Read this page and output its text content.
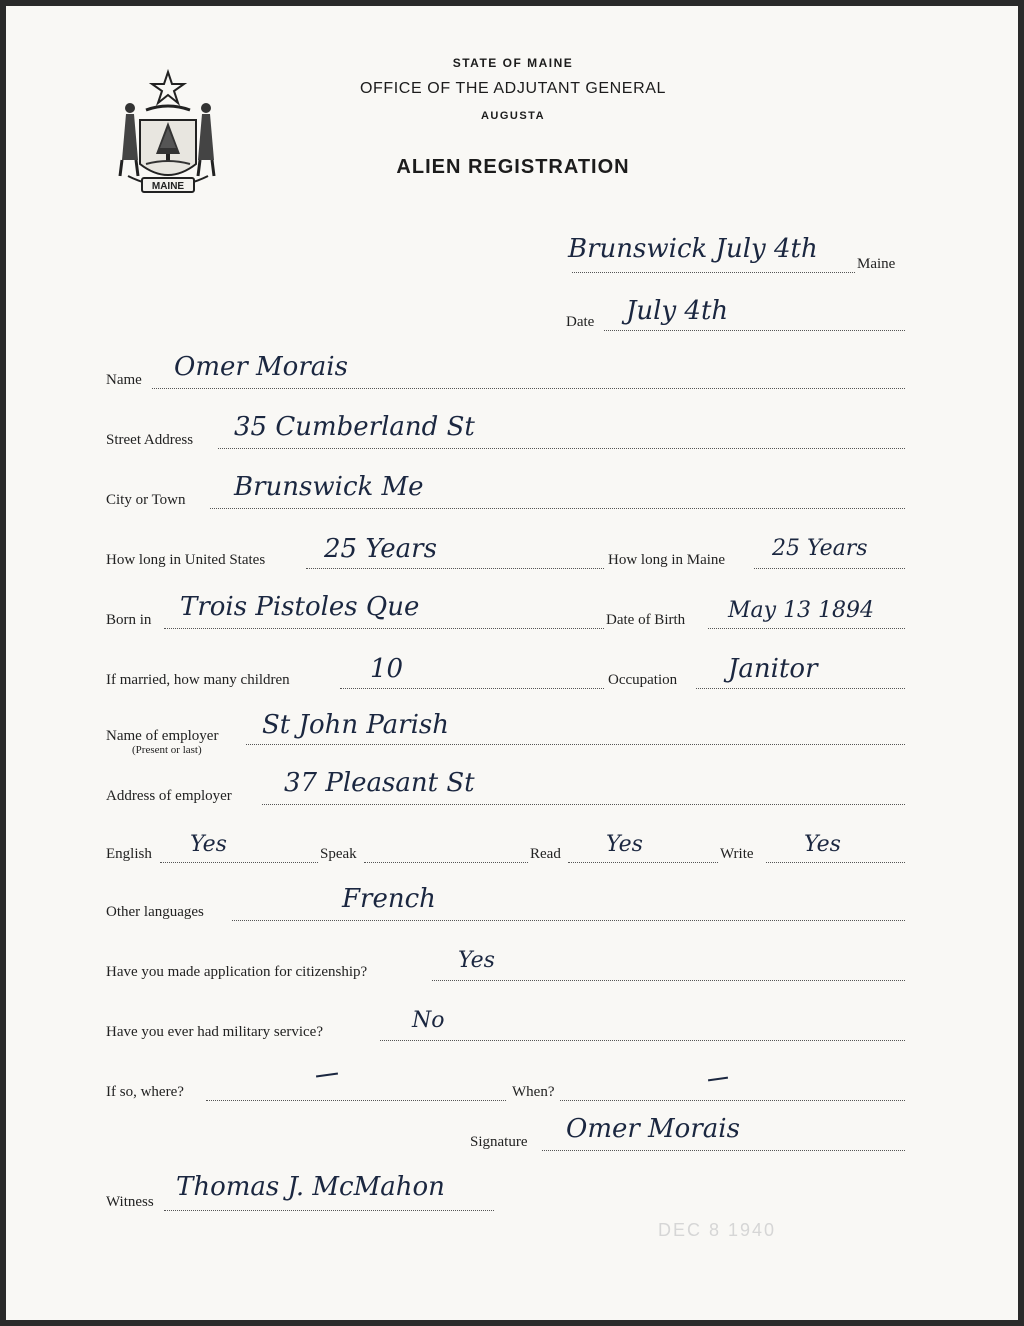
MAINE
STATE OF MAINE
OFFICE OF THE ADJUTANT GENERAL
AUGUSTA
ALIEN REGISTRATION
Brunswick July 4th	Maine
Date July 4th
Name Omer Morais
Street Address 35 Cumberland St
City or Town Brunswick Me
How long in United States 25 Years	How long in Maine 25 Years
Born in Trois Pistoles Que	Date of Birth May 13 1894
If married, how many children	10	Occupation Janitor
Name of employer
(Present or last)
St John Parish
Address of employer 37 Pleasant St
English Yes	Speak	Read Yes	Write Yes
Other languages	French
Have you made application for citizenship?	Yes
Have you ever had military service?	No
If so, where?	When?
Signature Omer Morais
Witness Thomas J. McMahon
DEC 8 1940
